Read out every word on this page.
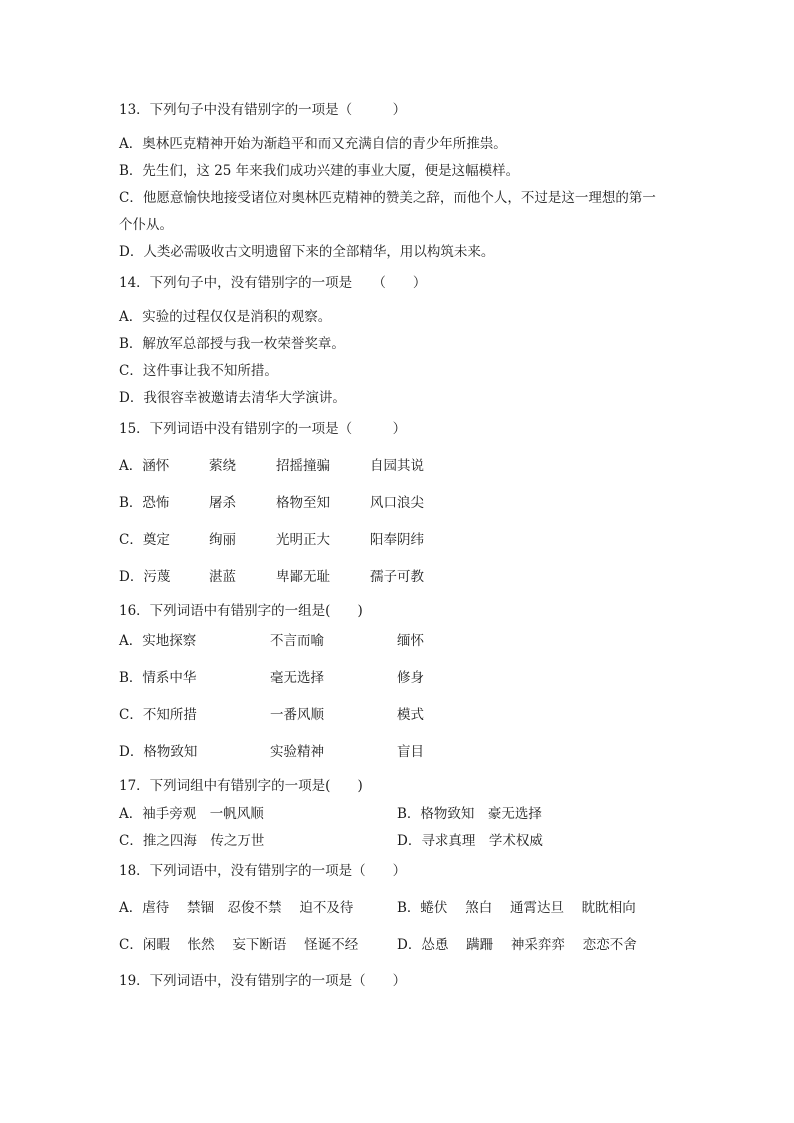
13．下列句子中没有错别字的一项是（　　　）
A．奥林匹克精神开始为渐趋平和而又充满自信的青少年所推祟。
B．先生们，这 25 年来我们成功兴建的事业大厦，便是这幅模样。
C．他愿意愉快地接受诸位对奥林匹克精神的赞美之辞，而他个人，不过是这一理想的第一
个仆从。
D．人类必需吸收古文明遗留下来的全部精华，用以构筑未来。
14．下列句子中，没有错别字的一项是　　（　　）
A．实验的过程仅仅是消积的观察。
B．解放军总部授与我一枚荣誉奖章。
C．这件事让我不知所措。
D．我很容幸被邀请去清华大学演讲。
15．下列词语中没有错别字的一项是（　　　）
A．涵怀	萦绕	招摇撞骗	自园其说
B．恐怖	屠杀	格物至知	风口浪尖
C．奠定	绚丽	光明正大	阳奉阴纬
D．污蔑	湛蓝	卑鄙无耻	孺子可教
16．下列词语中有错别字的一组是(　　)
A．实地探察	不言而喻	缅怀
B．情系中华	毫无选择	修身
C．不知所措	一番风顺	模式
D．格物致知	实验精神	盲目
17．下列词组中有错别字的一项是(　　)
A．袖手旁观　一帆风顺	B．格物致知　豪无选择
C．推之四海　传之万世	D．寻求真理　学术权威
18．下列词语中，没有错别字的一项是（　　）
A．虐待　 禁锢　忍俊不禁　 迫不及待	B．蜷伏　 煞白　 通霄达旦　 眈眈相向
C．闲暇　 怅然　 妄下断语　 怪诞不经	D．怂恿　 蹒跚　 神采弈弈　 恋恋不舍
19．下列词语中，没有错别字的一项是（　　）
